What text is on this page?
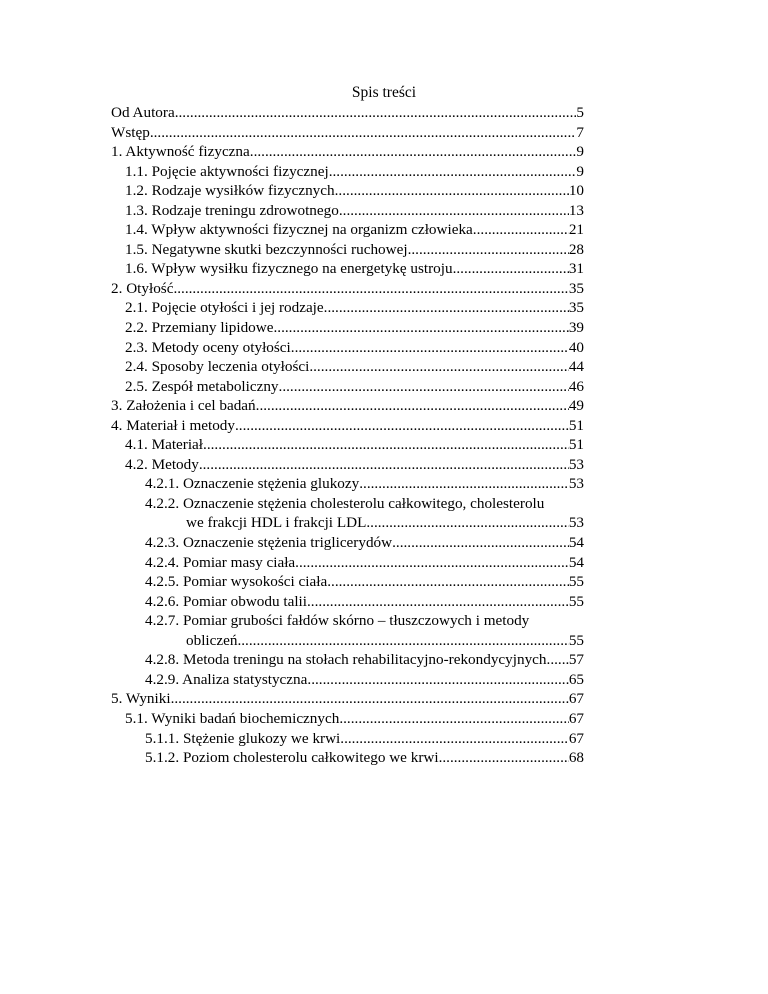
Spis treści
Od Autora .....	5
Wstęp .....	7
1. Aktywność fizyczna .....	9
1.1. Pojęcie aktywności fizycznej .....	9
1.2. Rodzaje wysiłków fizycznych .....	10
1.3. Rodzaje treningu zdrowotnego .....	13
1.4. Wpływ aktywności fizycznej na organizm człowieka .....	21
1.5. Negatywne skutki bezczynności ruchowej .....	28
1.6. Wpływ wysiłku fizycznego na energetykę ustroju .....	31
2. Otyłość .....	35
2.1. Pojęcie otyłości i jej rodzaje .....	35
2.2. Przemiany lipidowe .....	39
2.3. Metody oceny otyłości .....	40
2.4. Sposoby leczenia otyłości .....	44
2.5. Zespół metaboliczny .....	46
3. Założenia i cel badań .....	49
4. Materiał i metody .....	51
4.1. Materiał .....	51
4.2. Metody .....	53
4.2.1. Oznaczenie stężenia glukozy .....	53
4.2.2. Oznaczenie stężenia cholesterolu całkowitego, cholesterolu
we frakcji HDL i frakcji LDL .....	53
4.2.3. Oznaczenie stężenia triglicerydów .....	54
4.2.4. Pomiar masy ciała .....	54
4.2.5. Pomiar wysokości ciała .....	55
4.2.6. Pomiar obwodu talii .....	55
4.2.7. Pomiar grubości fałdów skórno – tłuszczowych i metody
obliczeń .....	55
4.2.8. Metoda treningu na stołach rehabilitacyjno-rekondycyjnych ..... 57
4.2.9. Analiza statystyczna .....	65
5. Wyniki .....	67
5.1. Wyniki badań biochemicznych .....	67
5.1.1. Stężenie glukozy we krwi .....	67
5.1.2. Poziom cholesterolu całkowitego we krwi .....	68
